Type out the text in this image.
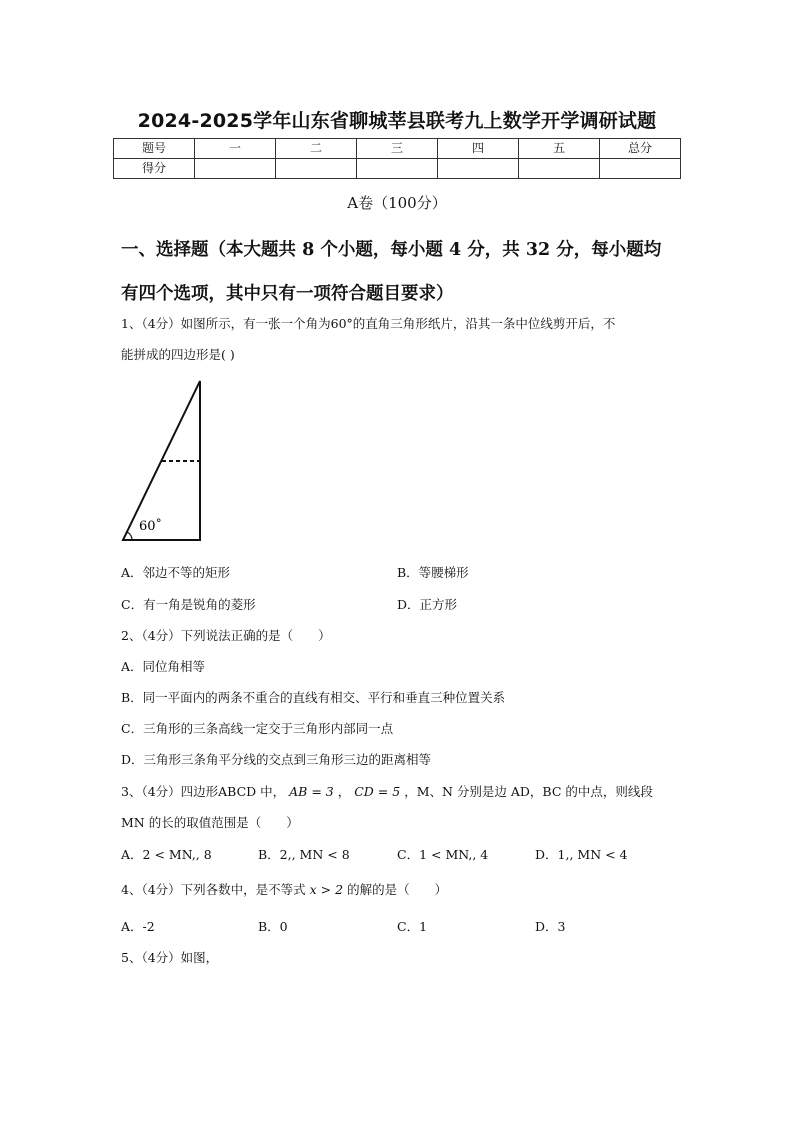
2024-2025学年山东省聊城莘县联考九上数学开学调研试题
题号	一	二	三	四	五	总分
得分						
A卷（100分）
一、选择题（本大题共 8 个小题，每小题 4 分，共 32 分，每小题均
有四个选项，其中只有一项符合题目要求）
1、（4分）如图所示，有一张一个角为60°的直角三角形纸片，沿其一条中位线剪开后，不
能拼成的四边形是( )
60˚
A．邻边不等的矩形	B．等腰梯形
C．有一角是锐角的菱形	D．正方形
2、（4分）下列说法正确的是（　　）
A．同位角相等
B．同一平面内的两条不重合的直线有相交、平行和垂直三种位置关系
C．三角形的三条高线一定交于三角形内部同一点
D．三角形三条角平分线的交点到三角形三边的距离相等
3、（4分）四边形ABCD 中， AB = 3 ， CD = 5 ，M、N 分别是边 AD，BC 的中点，则线段
MN 的长的取值范围是（　　）
A．2 < MN,, 8	B．2,, MN < 8	C．1 < MN,, 4	D．1,, MN < 4
4、（4分）下列各数中，是不等式 x > 2 的解的是（　　）
A．-2	B．0	C．1	D．3
5、（4分）如图，
